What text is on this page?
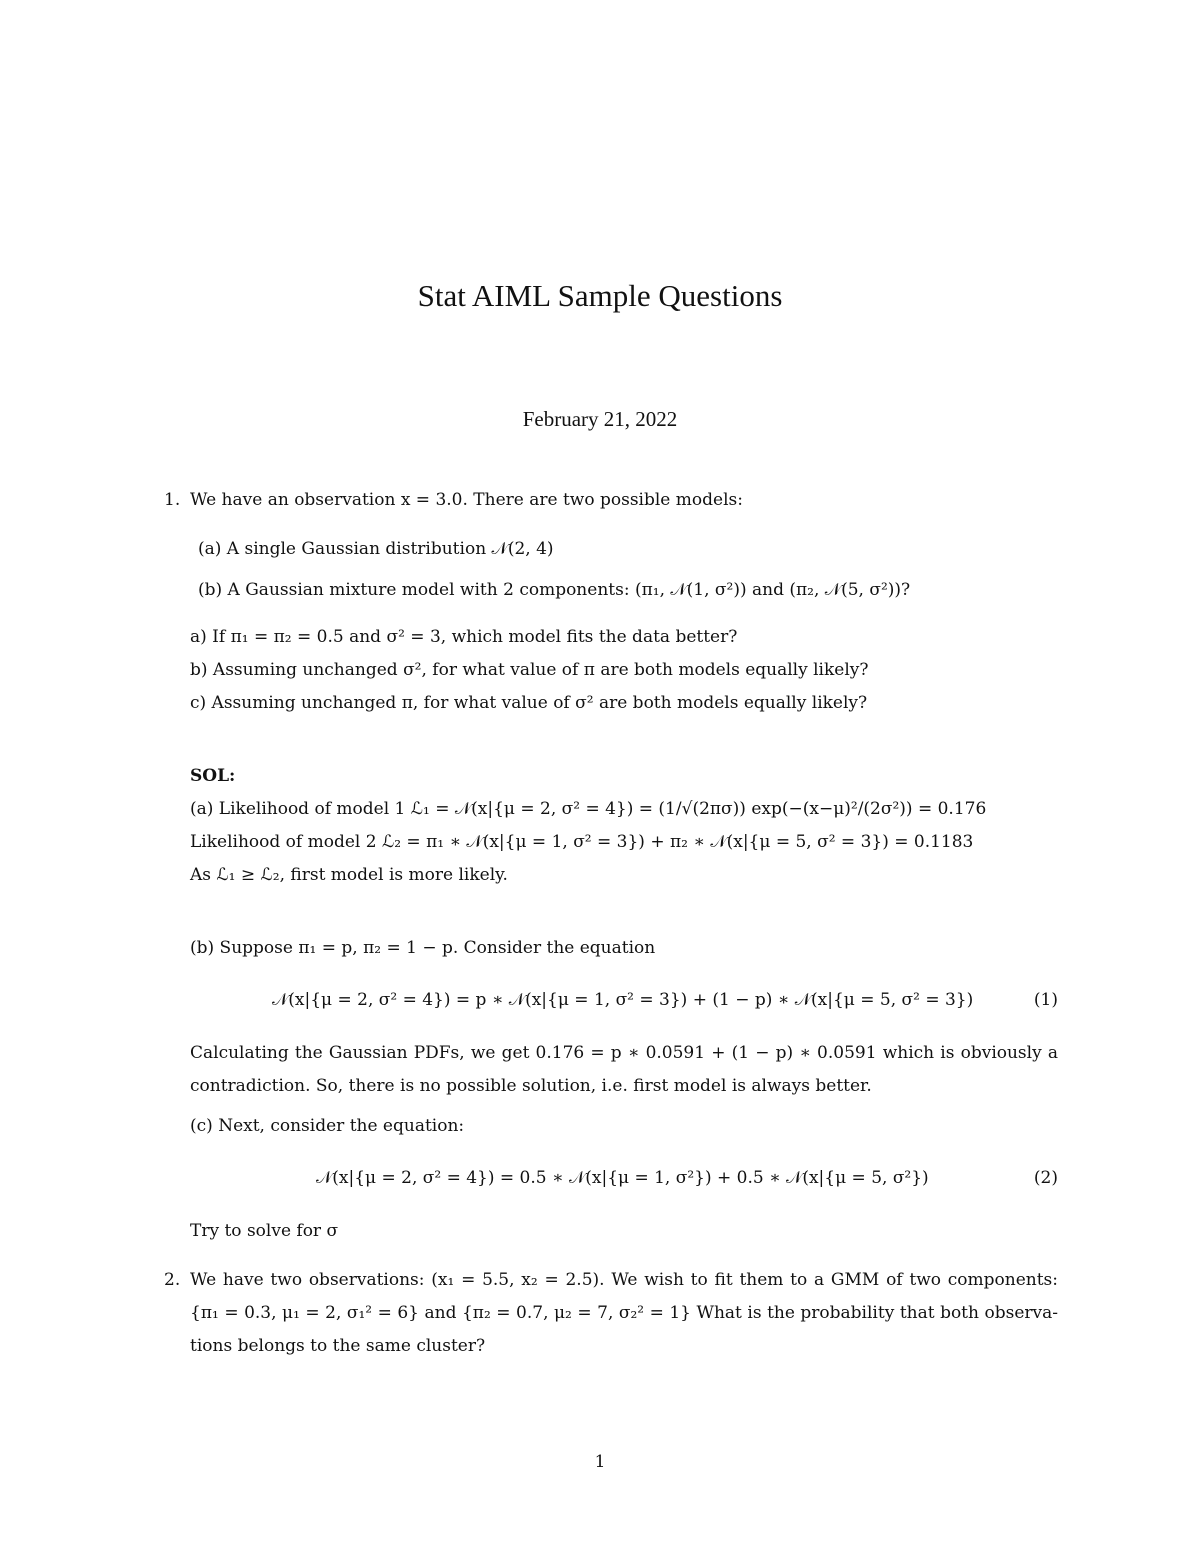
Stat AIML Sample Questions
February 21, 2022
1. We have an observation x = 3.0. There are two possible models:
(a) A single Gaussian distribution 𝒩(2, 4)
(b) A Gaussian mixture model with 2 components: (π₁, 𝒩(1, σ²)) and (π₂, 𝒩(5, σ²))?
a) If π₁ = π₂ = 0.5 and σ² = 3, which model fits the data better?
b) Assuming unchanged σ², for what value of π are both models equally likely?
c) Assuming unchanged π, for what value of σ² are both models equally likely?
SOL:
(a) Likelihood of model 1 ℒ₁ = 𝒩(x|{μ = 2, σ² = 4}) = (1/√(2πσ)) exp(−(x−μ)²/(2σ²)) = 0.176
Likelihood of model 2 ℒ₂ = π₁ ∗ 𝒩(x|{μ = 1, σ² = 3}) + π₂ ∗ 𝒩(x|{μ = 5, σ² = 3}) = 0.1183
As ℒ₁ ≥ ℒ₂, first model is more likely.
(b) Suppose π₁ = p, π₂ = 1 − p. Consider the equation
𝒩(x|{μ = 2, σ² = 4}) = p ∗ 𝒩(x|{μ = 1, σ² = 3}) + (1 − p) ∗ 𝒩(x|{μ = 5, σ² = 3})	(1)
Calculating the Gaussian PDFs, we get 0.176 = p ∗ 0.0591 + (1 − p) ∗ 0.0591 which is obviously a
contradiction. So, there is no possible solution, i.e. first model is always better.
(c) Next, consider the equation:
𝒩(x|{μ = 2, σ² = 4}) = 0.5 ∗ 𝒩(x|{μ = 1, σ²}) + 0.5 ∗ 𝒩(x|{μ = 5, σ²})	(2)
Try to solve for σ
2. We have two observations: (x₁ = 5.5, x₂ = 2.5). We wish to fit them to a GMM of two components:
{π₁ = 0.3, μ₁ = 2, σ₁² = 6} and {π₂ = 0.7, μ₂ = 7, σ₂² = 1} What is the probability that both observa-
tions belongs to the same cluster?
1
